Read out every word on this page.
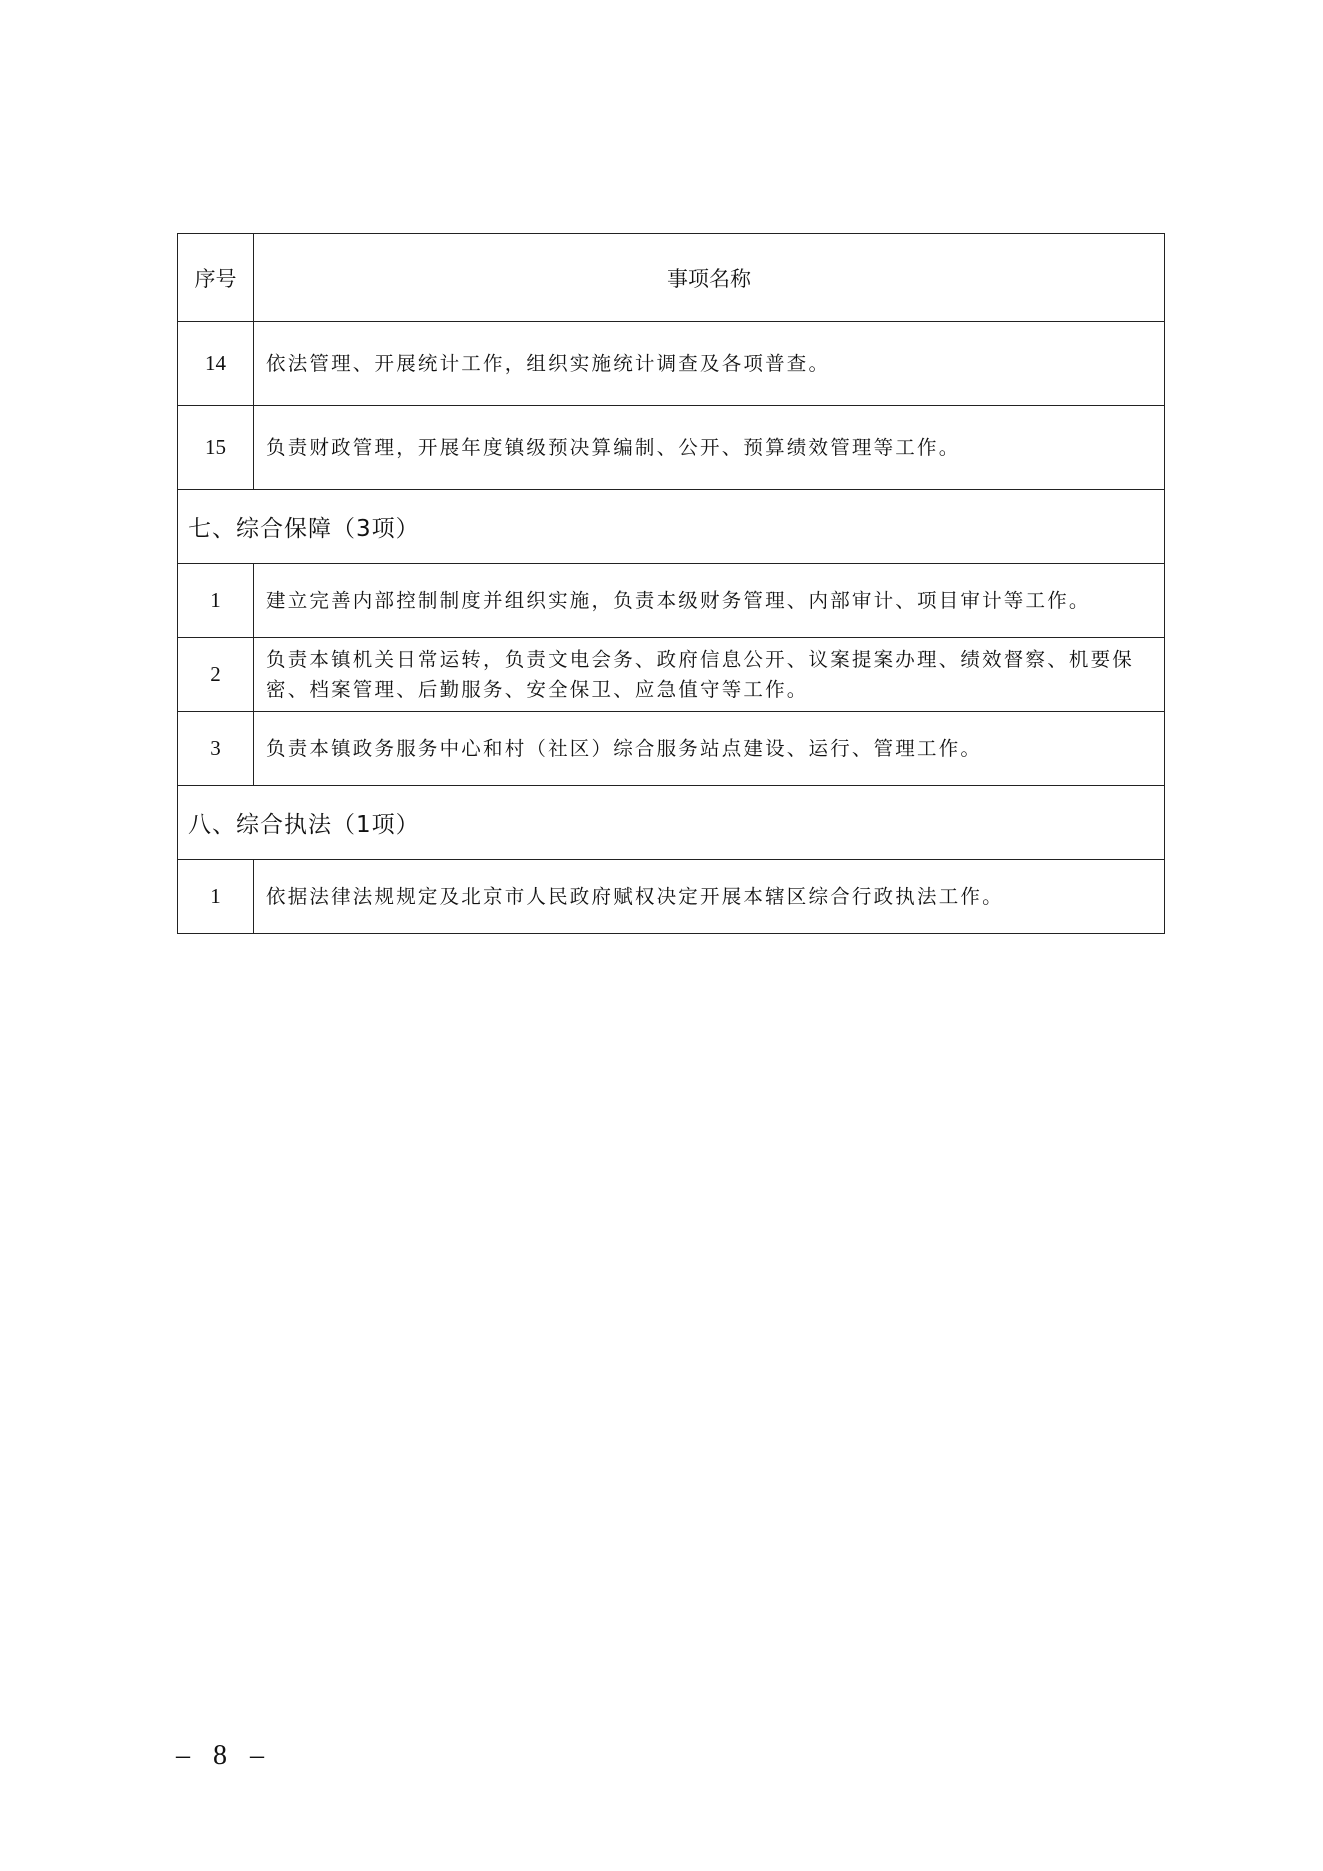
序号	事项名称
14	依法管理、开展统计工作，组织实施统计调查及各项普查。
15	负责财政管理，开展年度镇级预决算编制、公开、预算绩效管理等工作。
七、综合保障（3项）	
1	建立完善内部控制制度并组织实施，负责本级财务管理、内部审计、项目审计等工作。
2	负责本镇机关日常运转，负责文电会务、政府信息公开、议案提案办理、绩效督察、机要保密、档案管理、后勤服务、安全保卫、应急值守等工作。
3	负责本镇政务服务中心和村（社区）综合服务站点建设、运行、管理工作。
八、综合执法（1项）	
1	依据法律法规规定及北京市人民政府赋权决定开展本辖区综合行政执法工作。
– 8 –
